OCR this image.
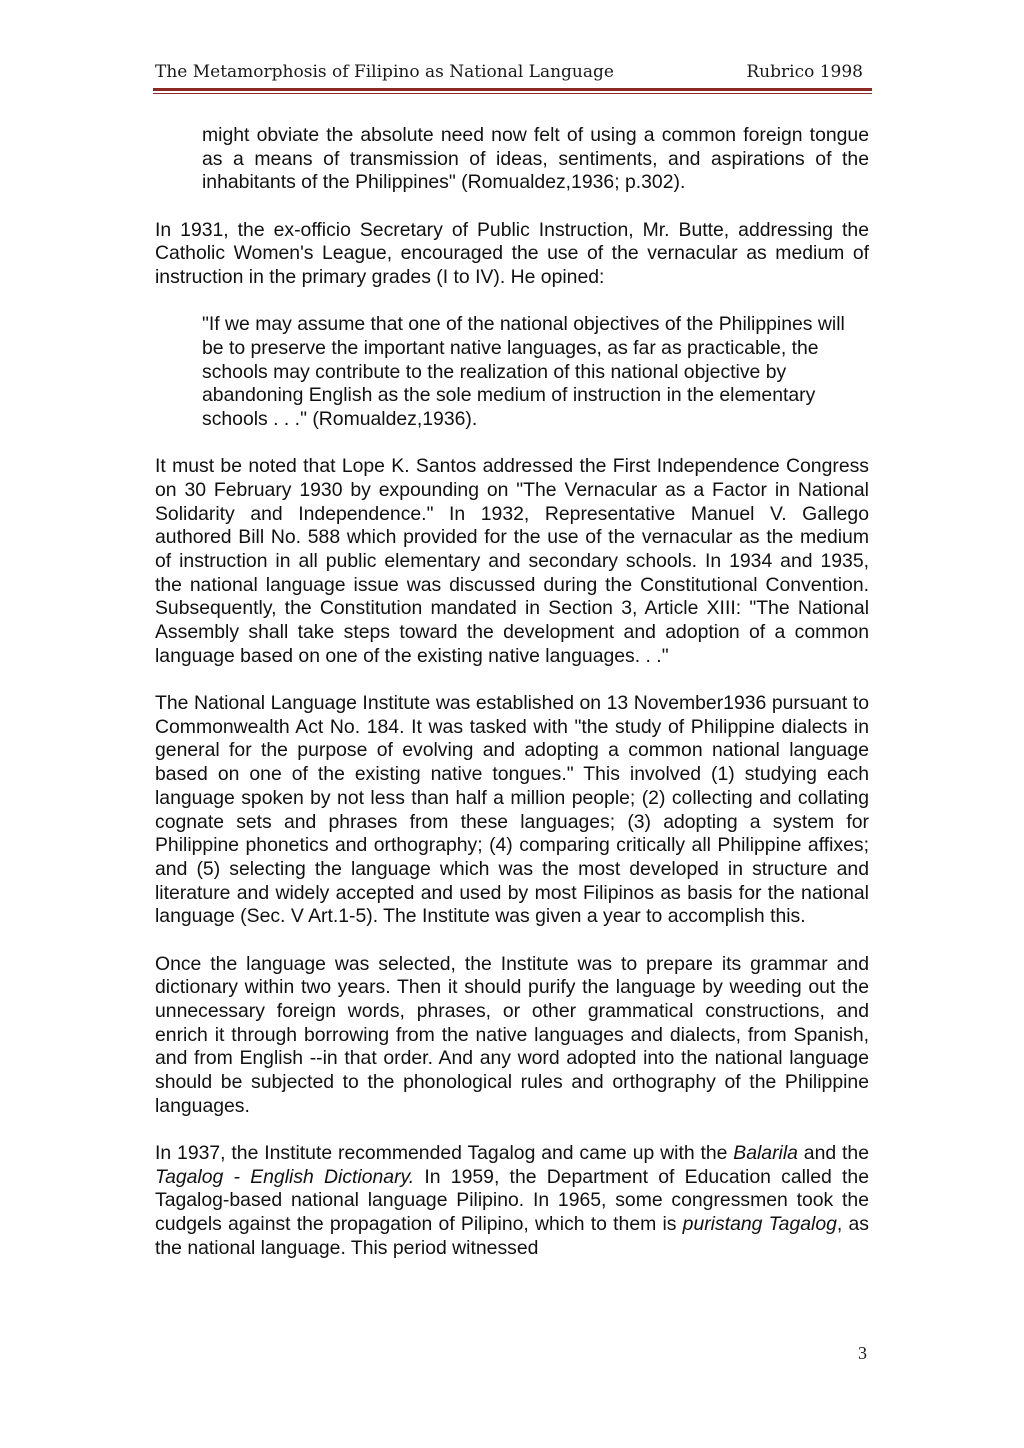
The Metamorphosis of Filipino as National Language	Rubrico 1998

might obviate the absolute need now felt of using a common foreign tongue as a means of transmission of ideas, sentiments, and aspirations of the inhabitants of the Philippines" (Romualdez,1936; p.302).

In 1931, the ex-officio Secretary of Public Instruction, Mr. Butte, addressing the Catholic Women's League, encouraged the use of the vernacular as medium of instruction in the primary grades (I to IV). He opined:

"If we may assume that one of the national objectives of the Philippines will be to preserve the important native languages, as far as practicable, the schools may contribute to the realization of this national objective by abandoning English as the sole medium of instruction in the elementary schools . . ." (Romualdez,1936).

It must be noted that Lope K. Santos addressed the First Independence Congress on 30 February 1930 by expounding on "The Vernacular as a Factor in National Solidarity and Independence." In 1932, Representative Manuel V. Gallego authored Bill No. 588 which provided for the use of the vernacular as the medium of instruction in all public elementary and secondary schools. In 1934 and 1935, the national language issue was discussed during the Constitutional Convention. Subsequently, the Constitution mandated in Section 3, Article XIII: "The National Assembly shall take steps toward the development and adoption of a common language based on one of the existing native languages. . ."

The National Language Institute was established on 13 November1936 pursuant to Commonwealth Act No. 184. It was tasked with "the study of Philippine dialects in general for the purpose of evolving and adopting a common national language based on one of the existing native tongues." This involved (1) studying each language spoken by not less than half a million people; (2) collecting and collating cognate sets and phrases from these languages; (3) adopting a system for Philippine phonetics and orthography; (4) comparing critically all Philippine affixes; and (5) selecting the language which was the most developed in structure and literature and widely accepted and used by most Filipinos as basis for the national language (Sec. V Art.1-5). The Institute was given a year to accomplish this.

Once the language was selected, the Institute was to prepare its grammar and dictionary within two years. Then it should purify the language by weeding out the unnecessary foreign words, phrases, or other grammatical constructions, and enrich it through borrowing from the native languages and dialects, from Spanish, and from English --in that order. And any word adopted into the national language should be subjected to the phonological rules and orthography of the Philippine languages.

In 1937, the Institute recommended Tagalog and came up with the Balarila and the Tagalog - English Dictionary. In 1959, the Department of Education called the Tagalog-based national language Pilipino. In 1965, some congressmen took the cudgels against the propagation of Pilipino, which to them is puristang Tagalog, as the national language. This period witnessed

3
